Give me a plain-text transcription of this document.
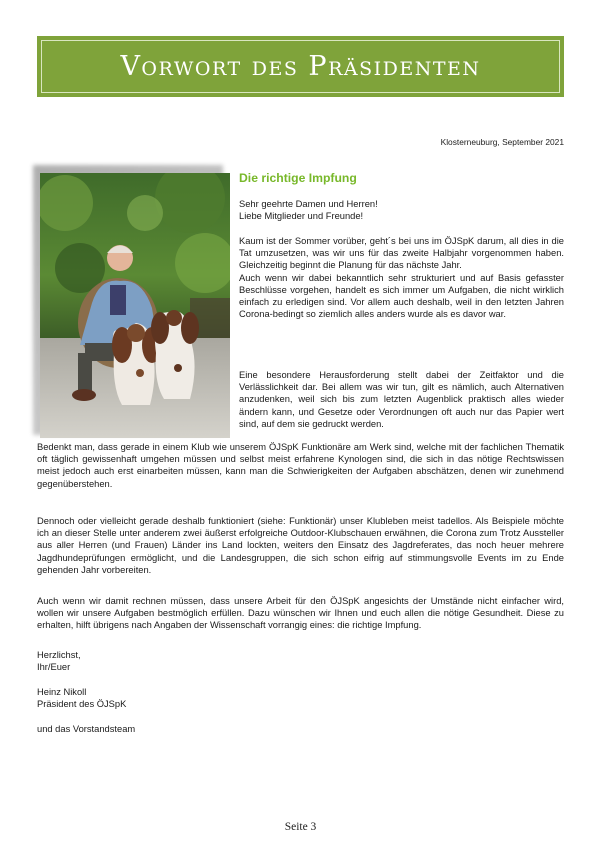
Vorwort des Präsidenten
Klosterneuburg, September 2021
Die richtige Impfung

Sehr geehrte Damen und Herren!

Liebe Mitglieder und Freunde!

Kaum ist der Sommer vorüber, geht´s bei uns im ÖJSpK darum, all dies in die Tat umzusetzen, was wir uns für das zweite Halbjahr vorgenommen haben. Gleichzeitig beginnt die Planung für das nächste Jahr.

Auch wenn wir dabei bekanntlich sehr strukturiert und auf Basis gefasster Beschlüsse vorgehen, handelt es sich immer um Aufgaben, die nicht wirklich einfach zu erledigen sind. Vor allem auch deshalb, weil in den letzten Jahren Corona-bedingt so ziemlich alles anders wurde als es davor war.

Eine besondere Herausforderung stellt dabei der Zeitfaktor und die Verlässlichkeit dar. Bei allem was wir tun, gilt es nämlich, auch Alternativen anzudenken, weil sich bis zum letzten Augenblick praktisch alles wieder ändern kann, und Gesetze oder Verordnungen oft auch nur das Papier wert sind, auf dem sie gedruckt werden.

Bedenkt man, dass gerade in einem Klub wie unserem ÖJSpK Funktionäre am Werk sind, welche mit der fachlichen Thematik oft täglich gewissenhaft umgehen müssen und selbst meist erfahrene Kynologen sind, die sich in das nötige Rechtswissen meist jedoch auch erst einarbeiten müssen, kann man die Schwierigkeiten der Aufgaben abschätzen, denen wir zunehmend gegenüberstehen.

Dennoch oder vielleicht gerade deshalb funktioniert (siehe: Funktionär) unser Klubleben meist tadellos. Als Beispiele möchte ich an dieser Stelle unter anderem zwei äußerst erfolgreiche Outdoor-Klubschauen erwähnen, die Corona zum Trotz Aussteller aus aller Herren (und Frauen) Länder ins Land lockten, weiters den Einsatz des Jagdreferates, das noch heuer mehrere Jagdhundeprüfungen ermöglicht, und die Landesgruppen, die sich schon eifrig auf stimmungsvolle Events im zu Ende gehenden Jahr vorbereiten.

Auch wenn wir damit rechnen müssen, dass unsere Arbeit für den ÖJSpK angesichts der Umstände nicht einfacher wird, wollen wir unsere Aufgaben bestmöglich erfüllen. Dazu wünschen wir Ihnen und euch allen die nötige Gesundheit. Diese zu erhalten, hilft übrigens nach Angaben der Wissenschaft vorrangig eines: die richtige Impfung.

Herzlichst,

Ihr/Euer

Heinz Nikoll

Präsident des ÖJSpK

und das Vorstandsteam

Seite 3
